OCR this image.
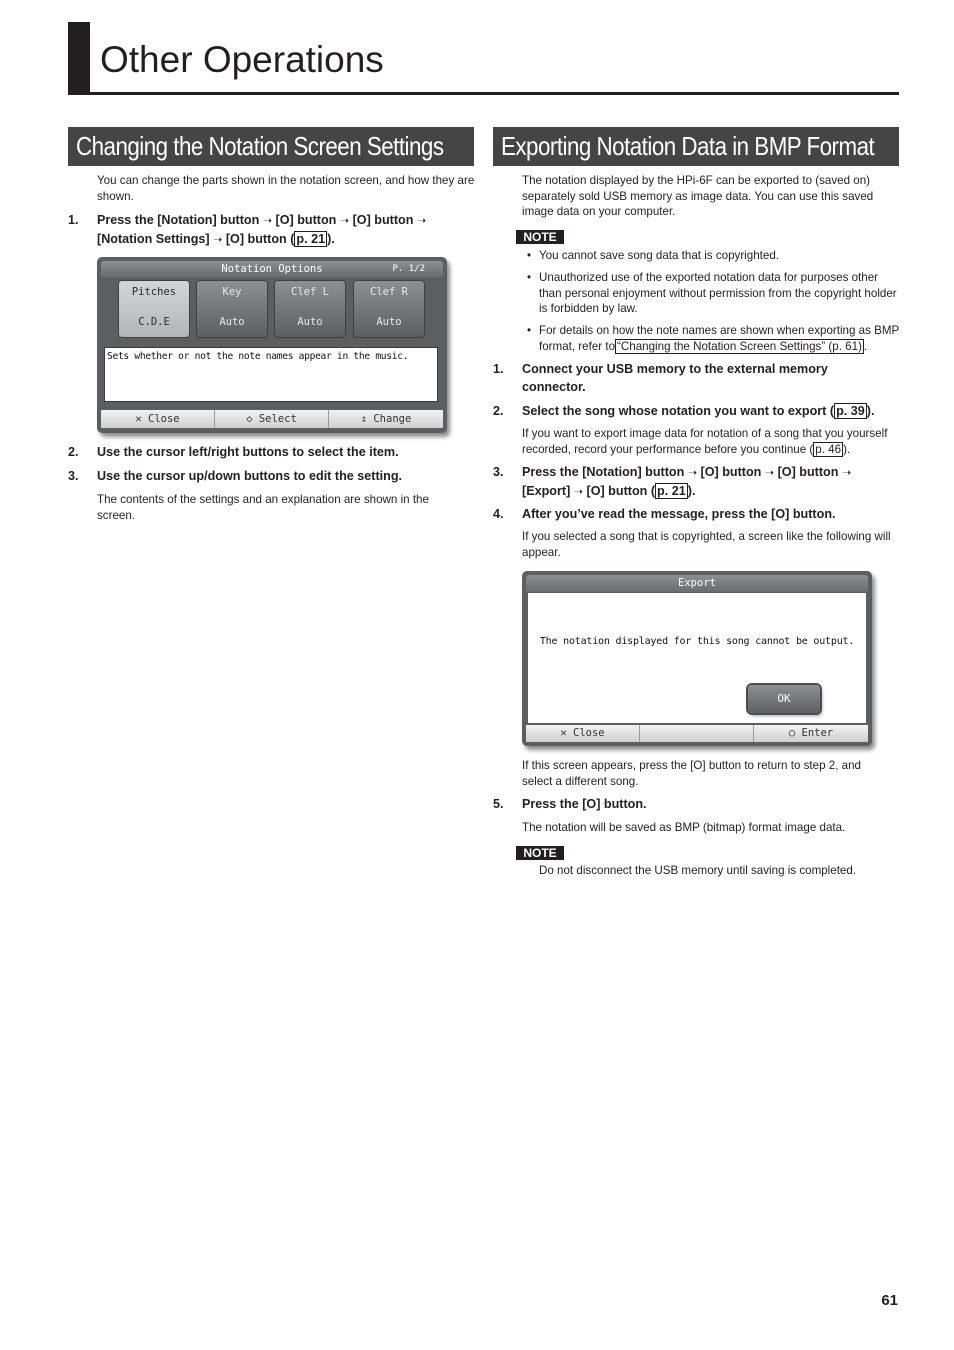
Other Operations
Changing the Notation Screen Settings
You can change the parts shown in the notation screen, and how they are shown.
1. Press the [Notation] button ➝ [O] button ➝ [O] button ➝
[Notation Settings] ➝ [O] button ( p. 21 ).
Notation Options	P. 1/2
Pitches
C.D.E
Key
Auto
Clef L
Auto
Clef R
Auto
Sets whether or not the note names appear in the music.
✕ Close	◇ Select	⇕ Change
2. Use the cursor left/right buttons to select the item.
3. Use the cursor up/down buttons to edit the setting.
The contents of the settings and an explanation are shown in the screen.
Exporting Notation Data in BMP Format
The notation displayed by the HPi-6F can be exported to (saved on) separately sold USB memory as image data. You can use this saved image data on your computer.
NOTE
• You cannot save song data that is copyrighted.
• Unauthorized use of the exported notation data for purposes other than personal enjoyment without permission from the copyright holder is forbidden by law.
• For details on how the note names are shown when exporting as BMP format, refer to “Changing the Notation Screen Settings” (p. 61) .
1. Connect your USB memory to the external memory connector.
2. Select the song whose notation you want to export ( p. 39 ).
If you want to export image data for notation of a song that you yourself recorded, record your performance before you continue ( p. 46 ).
3. Press the [Notation] button ➝ [O] button ➝ [O] button ➝
[Export] ➝ [O] button ( p. 21 ).
4. After you’ve read the message, press the [O] button.
If you selected a song that is copyrighted, a screen like the following will appear.
Export
The notation displayed for this song cannot be output.
OK
✕ Close	○ Enter
If this screen appears, press the [O] button to return to step 2, and select a different song.
5. Press the [O] button.
The notation will be saved as BMP (bitmap) format image data.
NOTE
Do not disconnect the USB memory until saving is completed.
61
